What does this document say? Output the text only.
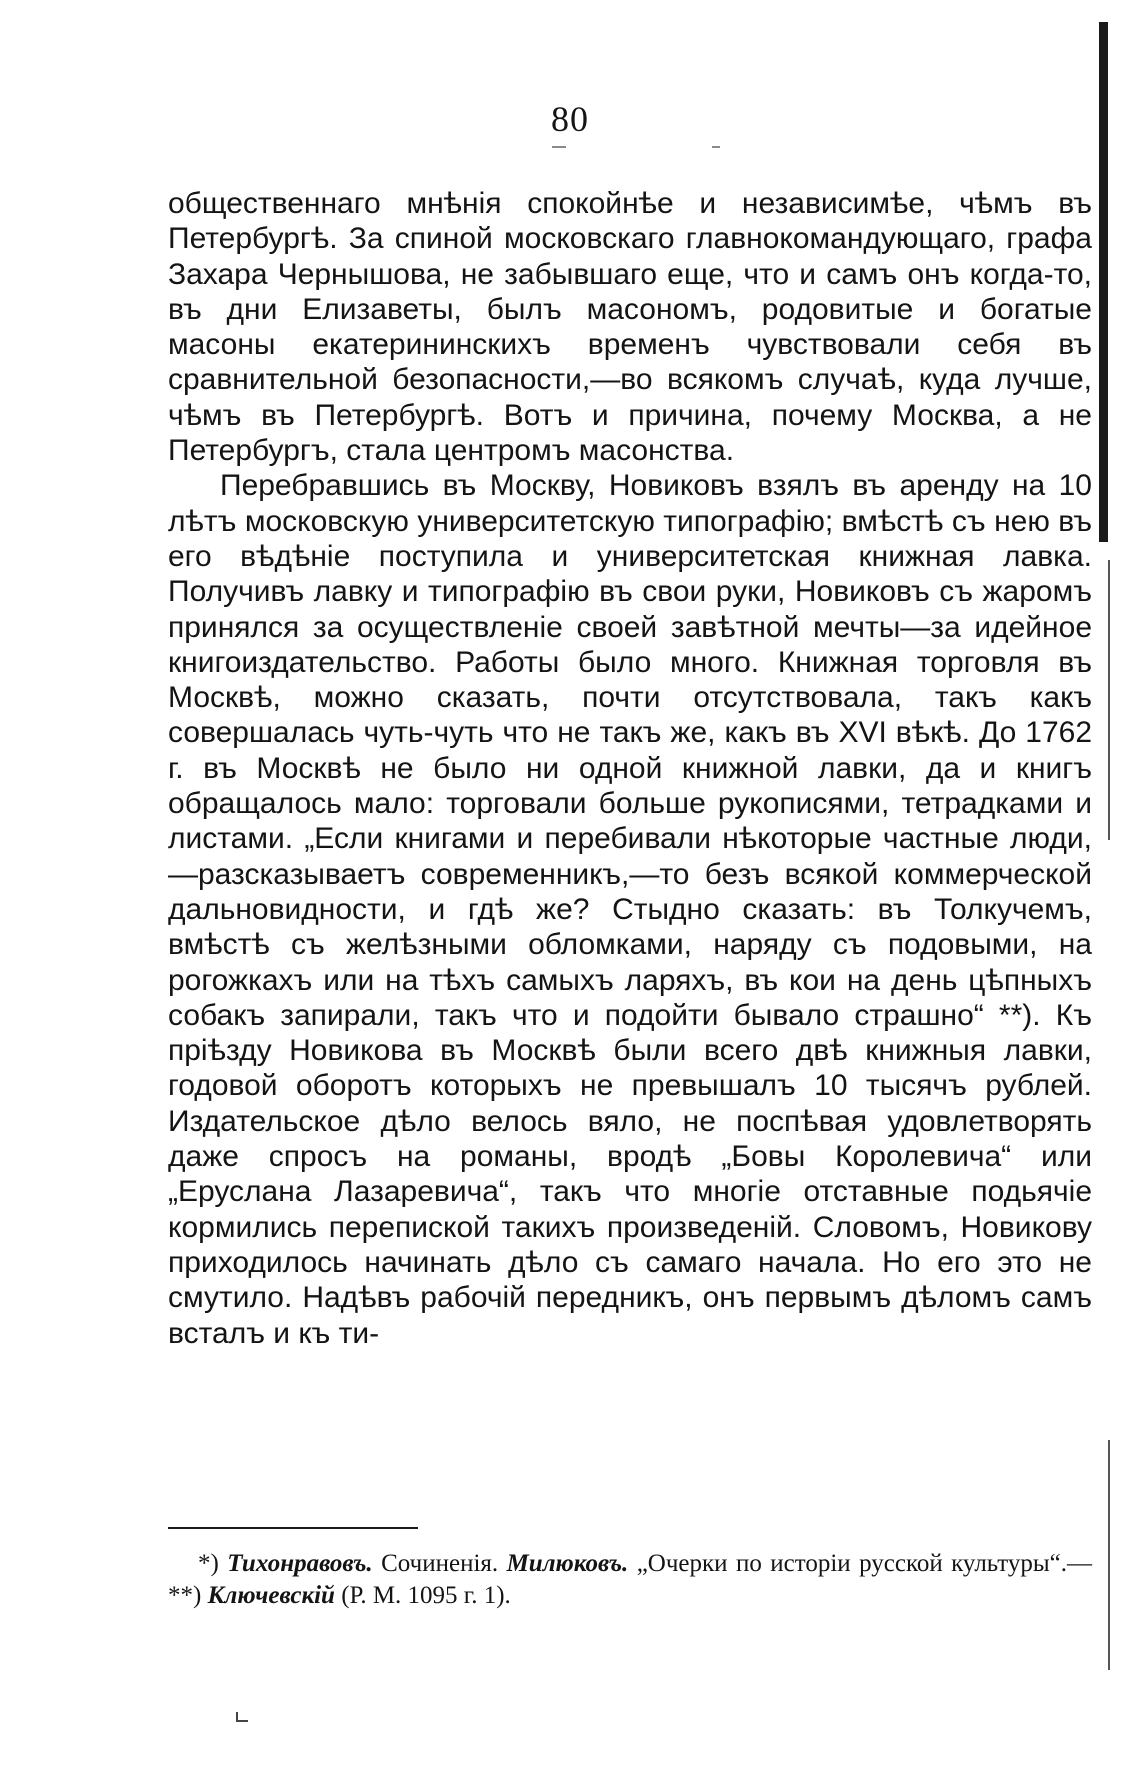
80

общественнаго мнѣнія спокойнѣе и независимѣе, чѣмъ въ Петербургѣ. За спиной московскаго главнокомандующаго, графа Захара Чернышова, не забывшаго еще, что и самъ онъ когда-то, въ дни Елизаветы, былъ масономъ, родовитые и богатые масоны екатерининскихъ временъ чувствовали себя въ сравнительной безопасности,—во всякомъ случаѣ, куда лучше, чѣмъ въ Петербургѣ. Вотъ и причина, почему Москва, а не Петербургъ, стала центромъ масонства.

Перебравшись въ Москву, Новиковъ взялъ въ аренду на 10 лѣтъ московскую университетскую типографію; вмѣстѣ съ нею въ его вѣдѣніе поступила и университетская книжная лавка. Получивъ лавку и типографію въ свои руки, Новиковъ съ жаромъ принялся за осуществленіе своей завѣтной мечты—за идейное книгоиздательство. Работы было много. Книжная торговля въ Москвѣ, можно сказать, почти отсутствовала, такъ какъ совершалась чуть-чуть что не такъ же, какъ въ XVI вѣкѣ. До 1762 г. въ Москвѣ не было ни одной книжной лавки, да и книгъ обращалось мало: торговали больше рукописями, тетрадками и листами. „Если книгами и перебивали нѣкоторые частные люди,—разсказываетъ современникъ,—то безъ всякой коммерческой дальновидности, и гдѣ же? Стыдно сказать: въ Толкучемъ, вмѣстѣ съ желѣзными обломками, наряду съ подовыми, на рогожкахъ или на тѣхъ самыхъ ларяхъ, въ кои на день цѣпныхъ собакъ запирали, такъ что и подойти бывало страшно“ **). Къ пріѣзду Новикова въ Москвѣ были всего двѣ книжныя лавки, годовой оборотъ которыхъ не превышалъ 10 тысячъ рублей. Издательское дѣло велось вяло, не поспѣвая удовлетворять даже спросъ на романы, вродѣ „Бовы Королевича“ или „Еруслана Лазаревича“, такъ что многіе отставные подьячіе кормились перепиской такихъ произведеній. Словомъ, Новикову приходилось начинать дѣло съ самаго начала. Но его это не смутило. Надѣвъ рабочій передникъ, онъ первымъ дѣломъ самъ всталъ и къ ти-

*) Тихонравовъ. Сочиненія. Милюковъ. „Очерки по исторіи русской культуры“.—**) Ключевскій (Р. М. 1095 г. 1).
